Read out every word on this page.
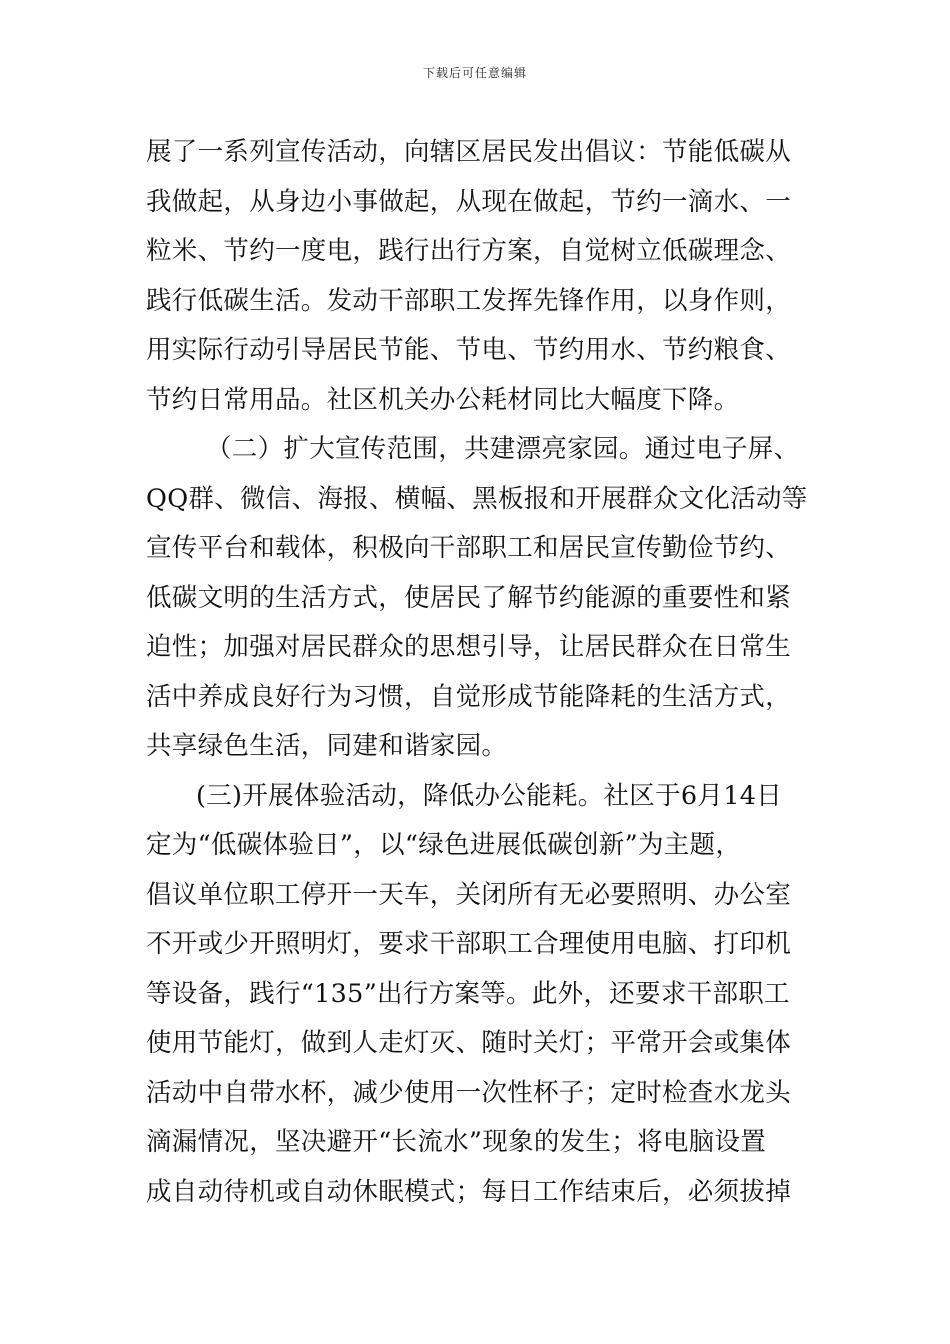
下载后可任意编辑
展了一系列宣传活动，向辖区居民发出倡议：节能低碳从
我做起，从身边小事做起，从现在做起，节约一滴水、一
粒米、节约一度电，践行出行方案，自觉树立低碳理念、
践行低碳生活。发动干部职工发挥先锋作用，以身作则，
用实际行动引导居民节能、节电、节约用水、节约粮食、
节约日常用品。社区机关办公耗材同比大幅度下降。
（二）扩大宣传范围，共建漂亮家园。通过电子屏、
QQ群、微信、海报、横幅、黑板报和开展群众文化活动等
宣传平台和载体，积极向干部职工和居民宣传勤俭节约、
低碳文明的生活方式，使居民了解节约能源的重要性和紧
迫性；加强对居民群众的思想引导，让居民群众在日常生
活中养成良好行为习惯，自觉形成节能降耗的生活方式，
共享绿色生活，同建和谐家园。
(三)开展体验活动，降低办公能耗。社区于6月14日
定为“低碳体验日”，以“绿色进展低碳创新”为主题，
倡议单位职工停开一天车，关闭所有无必要照明、办公室
不开或少开照明灯，要求干部职工合理使用电脑、打印机
等设备，践行“135”出行方案等。此外，还要求干部职工
使用节能灯，做到人走灯灭、随时关灯；平常开会或集体
活动中自带水杯，减少使用一次性杯子；定时检查水龙头
滴漏情况，坚决避开“长流水”现象的发生；将电脑设置
成自动待机或自动休眠模式；每日工作结束后，必须拔掉
